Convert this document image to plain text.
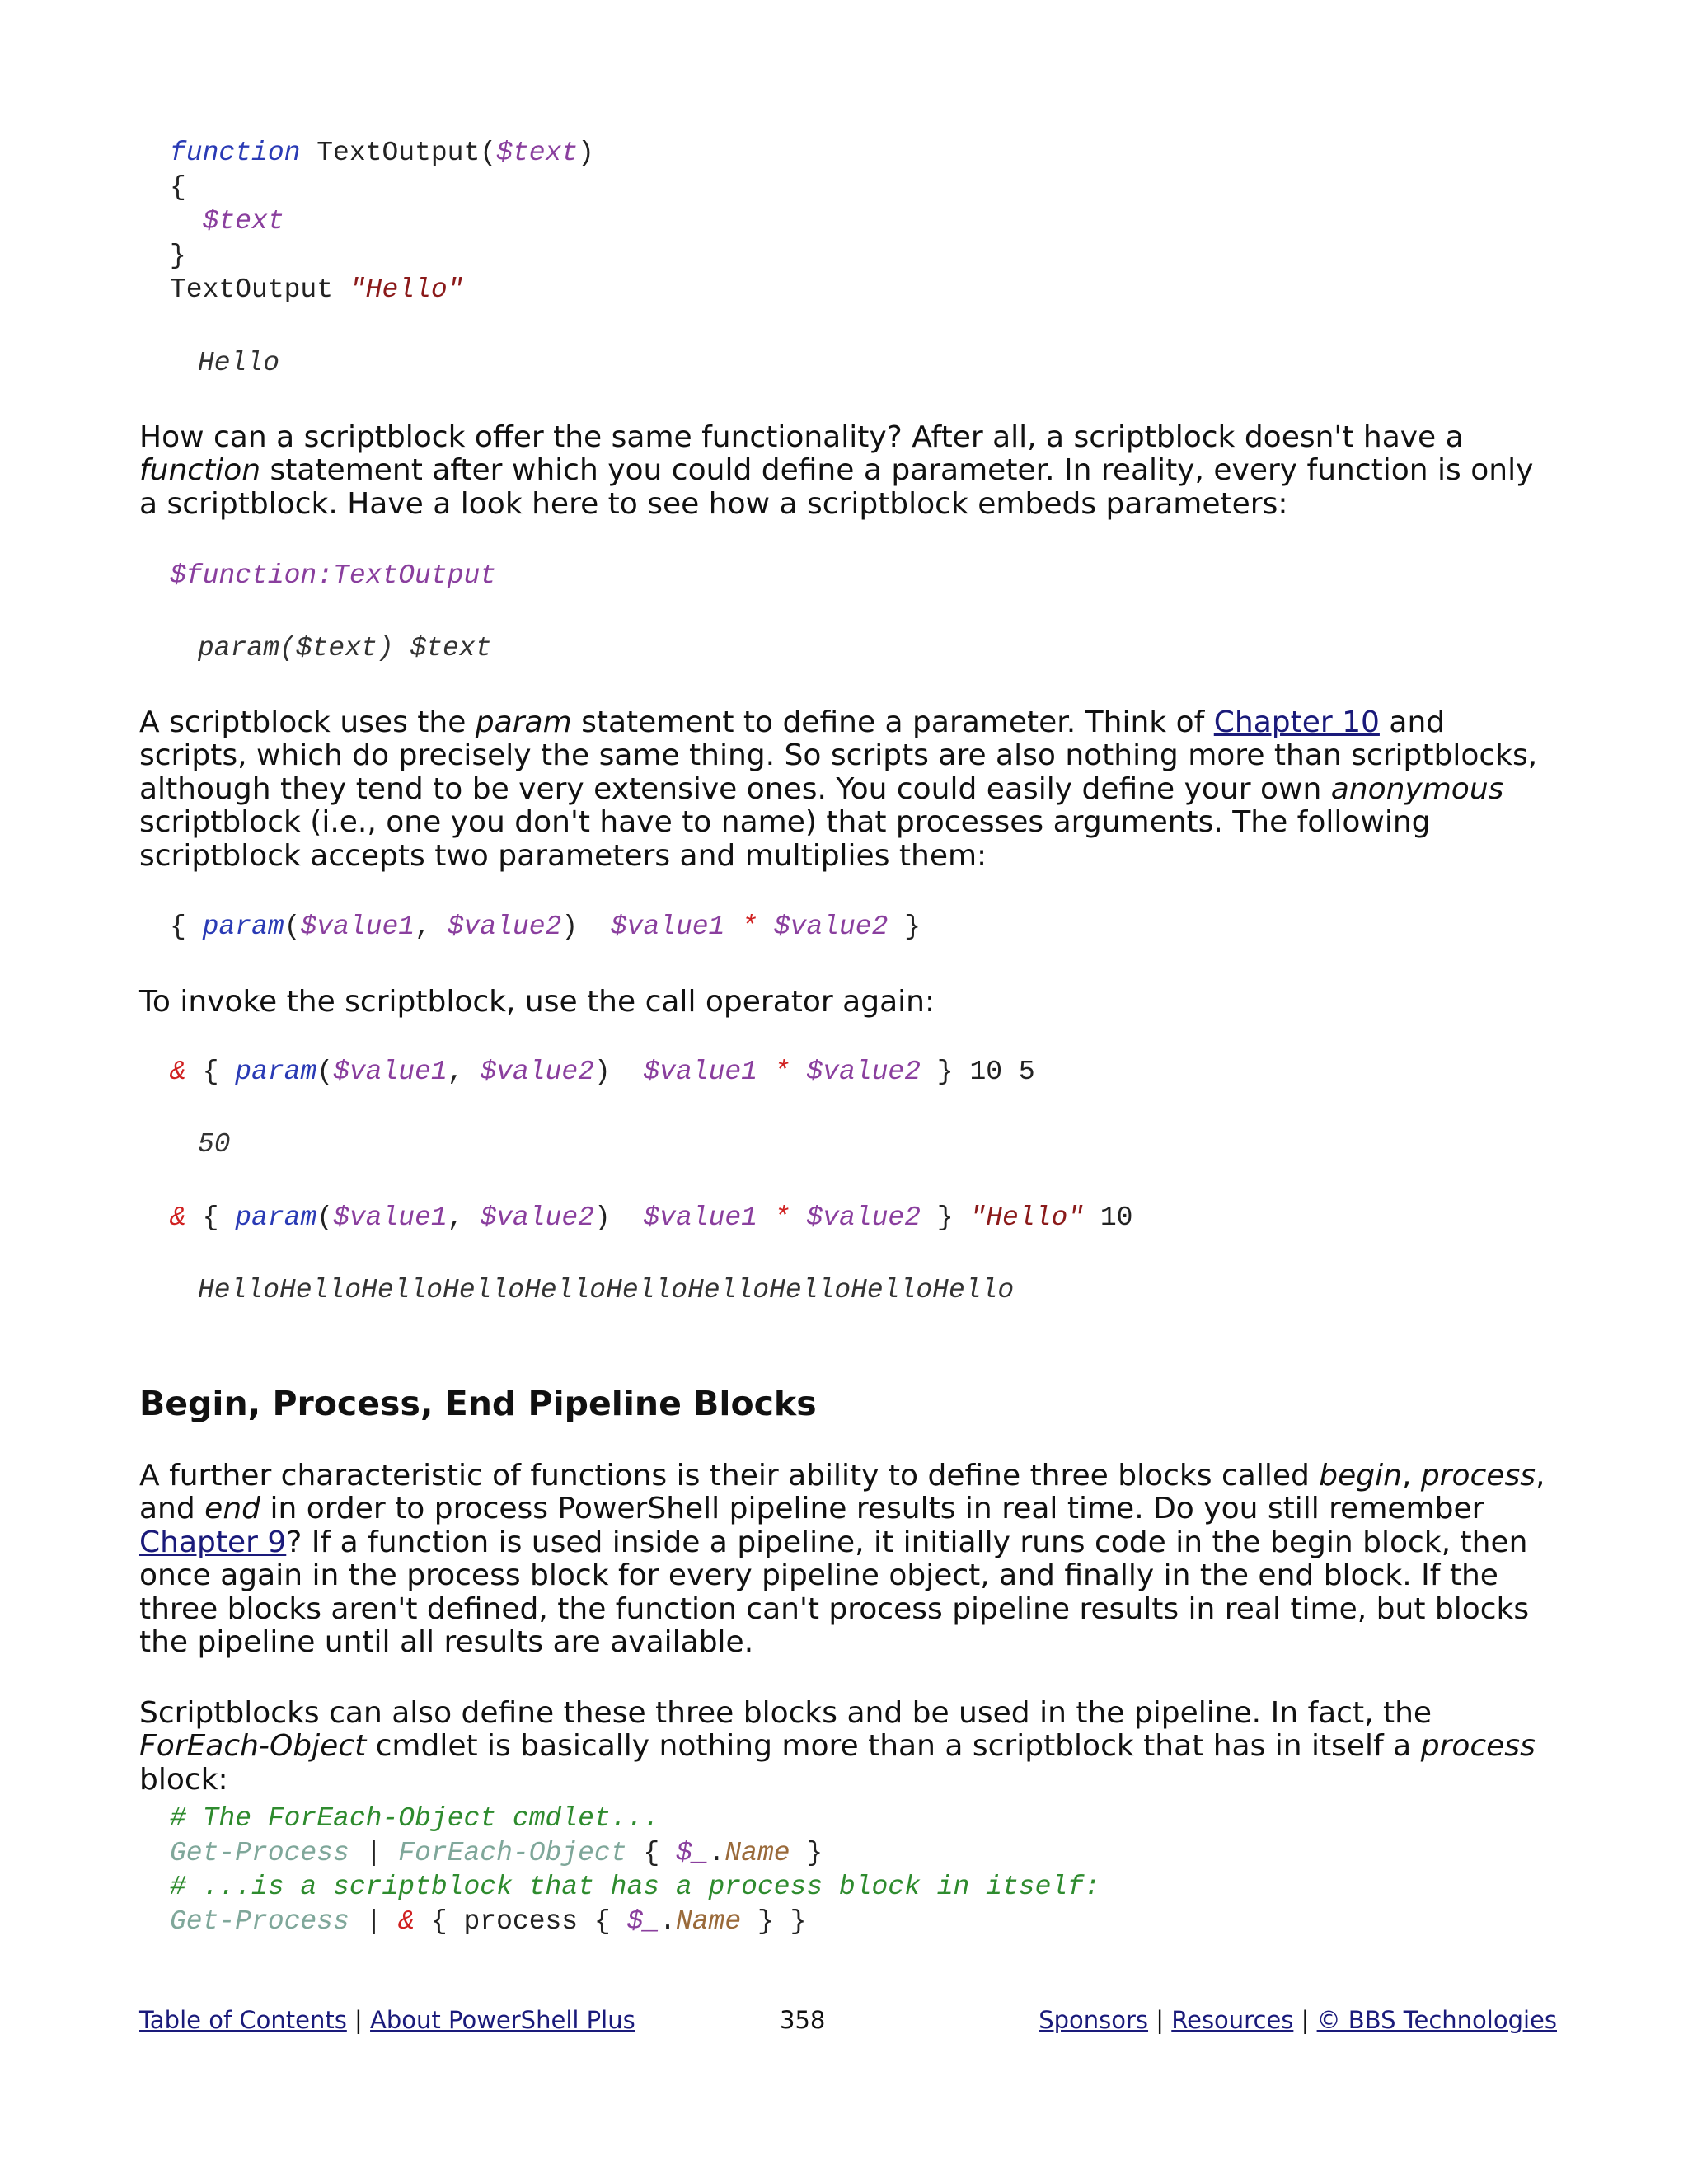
function TextOutput($text)
{
$text
}
TextOutput "Hello"
Hello

How can a scriptblock offer the same functionality? After all, a scriptblock doesn't have a function statement after which you could define a parameter. In reality, every function is only a scriptblock. Have a look here to see how a scriptblock embeds parameters:

$function:TextOutput
param($text) $text

A scriptblock uses the param statement to define a parameter. Think of Chapter 10 and scripts, which do precisely the same thing. So scripts are also nothing more than scriptblocks, although they tend to be very extensive ones. You could easily define your own anonymous scriptblock (i.e., one you don't have to name) that processes arguments. The following scriptblock accepts two parameters and multiplies them:

{ param($value1, $value2)  $value1 * $value2 }

To invoke the scriptblock, use the call operator again:

& { param($value1, $value2)  $value1 * $value2 } 10 5
50
& { param($value1, $value2)  $value1 * $value2 } "Hello" 10
HelloHelloHelloHelloHelloHelloHelloHelloHelloHello
Begin, Process, End Pipeline Blocks

A further characteristic of functions is their ability to define three blocks called begin, process, and end in order to process PowerShell pipeline results in real time. Do you still remember Chapter 9? If a function is used inside a pipeline, it initially runs code in the begin block, then once again in the process block for every pipeline object, and finally in the end block. If the three blocks aren't defined, the function can't process pipeline results in real time, but blocks the pipeline until all results are available.

Scriptblocks can also define these three blocks and be used in the pipeline. In fact, the ForEach-Object cmdlet is basically nothing more than a scriptblock that has in itself a process block:

# The ForEach-Object cmdlet...
Get-Process | ForEach-Object { $_.Name }
# ...is a scriptblock that has a process block in itself:
Get-Process | & { process { $_.Name } }
Table of Contents | About PowerShell Plus	358	Sponsors | Resources | © BBS Technologies
